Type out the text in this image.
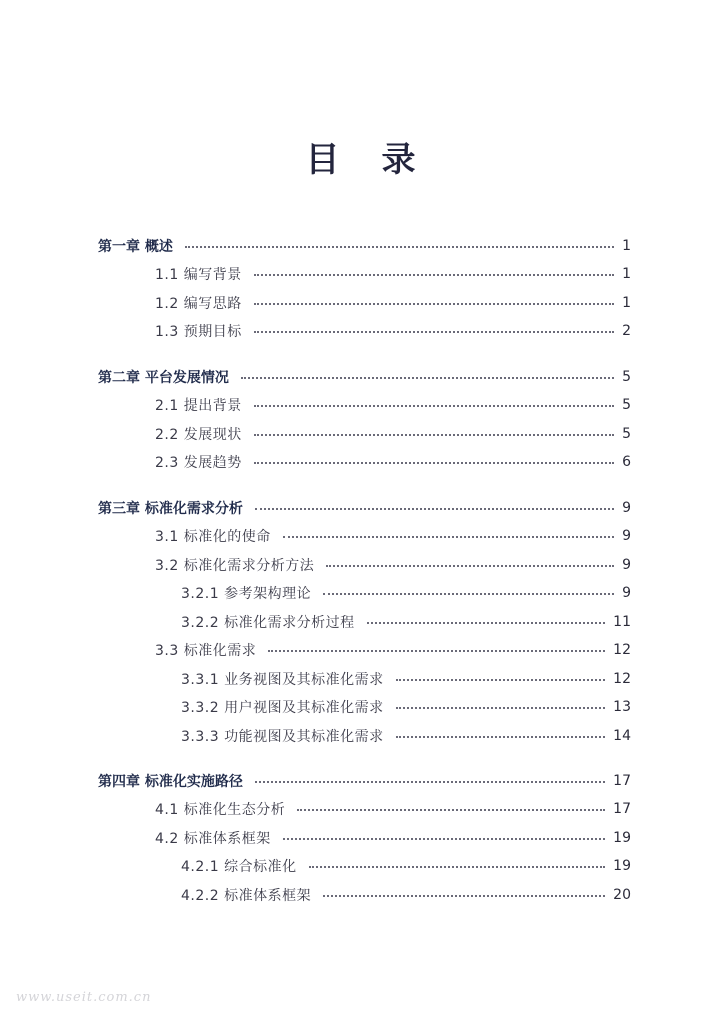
目 录
第一章 概述	1
1.1 编写背景	1
1.2 编写思路	1
1.3 预期目标	2
第二章 平台发展情况	5
2.1 提出背景	5
2.2 发展现状	5
2.3 发展趋势	6
第三章 标准化需求分析	9
3.1 标准化的使命	9
3.2 标准化需求分析方法	9
3.2.1 参考架构理论	9
3.2.2 标准化需求分析过程	11
3.3 标准化需求	12
3.3.1 业务视图及其标准化需求	12
3.3.2 用户视图及其标准化需求	13
3.3.3 功能视图及其标准化需求	14
第四章 标准化实施路径	17
4.1 标准化生态分析	17
4.2 标准体系框架	19
4.2.1 综合标准化	19
4.2.2 标准体系框架	20
www.useit.com.cn
